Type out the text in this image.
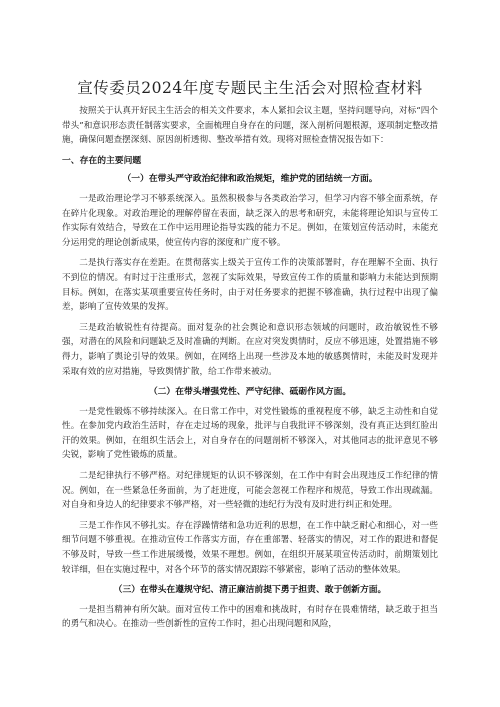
宣传委员2024年度专题民主生活会对照检查材料

按照关于认真开好民主生活会的相关文件要求，本人紧扣会议主题，坚持问题导向，对标“四个带头”和意识形态责任制落实要求，全面梳理自身存在的问题，深入剖析问题根源，逐项制定整改措施，确保问题查摆深刻、原因剖析透彻、整改举措有效。现将对照检查情况报告如下：

一、存在的主要问题

（一）在带头严守政治纪律和政治规矩，维护党的团结统一方面。

一是政治理论学习不够系统深入。虽然积极参与各类政治学习，但学习内容不够全面系统，存在碎片化现象。对政治理论的理解停留在表面，缺乏深入的思考和研究，未能将理论知识与宣传工作实际有效结合，导致在工作中运用理论指导实践的能力不足。例如，在策划宣传活动时，未能充分运用党的理论创新成果，使宣传内容的深度和广度不够。

二是执行落实存在差距。在贯彻落实上级关于宣传工作的决策部署时，存在理解不全面、执行不到位的情况。有时过于注重形式，忽视了实际效果，导致宣传工作的质量和影响力未能达到预期目标。例如，在落实某项重要宣传任务时，由于对任务要求的把握不够准确，执行过程中出现了偏差，影响了宣传效果的发挥。

三是政治敏锐性有待提高。面对复杂的社会舆论和意识形态领域的问题时，政治敏锐性不够强，对潜在的风险和问题缺乏及时准确的判断。在应对突发舆情时，反应不够迅速，处置措施不够得力，影响了舆论引导的效果。例如，在网络上出现一些涉及本地的敏感舆情时，未能及时发现并采取有效的应对措施，导致舆情扩散，给工作带来被动。

（二）在带头增强党性、严守纪律、砥砺作风方面。

一是党性锻炼不够持续深入。在日常工作中，对党性锻炼的重视程度不够，缺乏主动性和自觉性。在参加党内政治生活时，存在走过场的现象，批评与自我批评不够深刻，没有真正达到红脸出汗的效果。例如，在组织生活会上，对自身存在的问题剖析不够深入，对其他同志的批评意见不够尖锐，影响了党性锻炼的质量。

二是纪律执行不够严格。对纪律规矩的认识不够深刻，在工作中有时会出现违反工作纪律的情况。例如，在一些紧急任务面前，为了赶进度，可能会忽视工作程序和规范，导致工作出现疏漏。对自身和身边人的纪律要求不够严格，对一些轻微的违纪行为没有及时进行纠正和处理。

三是工作作风不够扎实。存在浮躁情绪和急功近利的思想，在工作中缺乏耐心和细心，对一些细节问题不够重视。在推动宣传工作落实方面，存在重部署、轻落实的情况，对工作的跟进和督促不够及时，导致一些工作进展缓慢，效果不理想。例如，在组织开展某项宣传活动时，前期策划比较详细，但在实施过程中，对各个环节的落实情况跟踪不够紧密，影响了活动的整体效果。

（三）在带头在遵规守纪、清正廉洁前提下勇于担责、敢于创新方面。

一是担当精神有所欠缺。面对宣传工作中的困难和挑战时，有时存在畏难情绪，缺乏敢于担当的勇气和决心。在推动一些创新性的宣传工作时，担心出现问题和风险，
